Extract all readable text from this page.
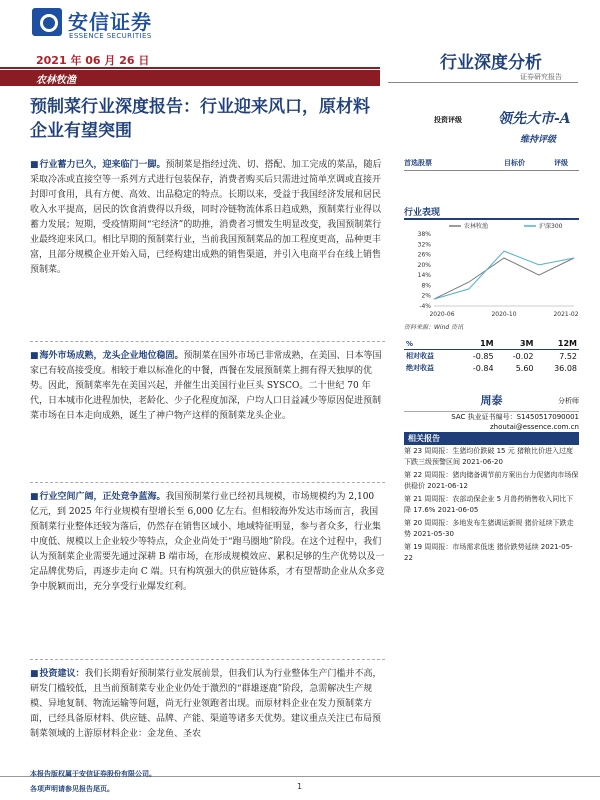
安信证券
ESSENCE SECURITIES
2021 年 06 月 26 日	行业深度分析
证券研究报告
农林牧渔
预制菜行业深度报告：行业迎来风口，原材料企业有望突围
投资评级	领先大市-A
维持评级
首选股票	目标价	评级

■ 行业蓄力已久，迎来临门一脚。预制菜是指经过洗、切、搭配、加工完成的菜品，随后采取冷冻或直接空等一系列方式进行包装保存，消费者购买后只需进过简单烹调或直接开封即可食用，具有方便、高效、出品稳定的特点。长期以来，受益于我国经济发展和居民收入水平提高，居民的饮食消费得以升级，同时冷链物流体系日趋成熟，预制菜行业得以蓄力发展；短期，受疫情期间“宅经济”的助推，消费者习惯发生明显改变，我国预制菜行业最终迎来风口。相比早期的预制菜行业，当前我国预制菜品的加工程度更高，品种更丰富，且部分规模企业开始入局，已经构建出成熟的销售渠道，并引入电商平台在线上销售预制菜。

■ 海外市场成熟，龙头企业地位稳固。预制菜在国外市场已非常成熟，在美国、日本等国家已有较高接受度。相较于难以标准化的中餐，西餐在发展预制菜上拥有得天独厚的优势。因此，预制菜率先在美国兴起，并催生出美国行业巨头 SYSCO。二十世纪 70 年代，日本城市化进程加快，老龄化、少子化程度加深，户均人口日益减少等原因促进预制菜市场在日本走向成熟，诞生了神户物产这样的预制菜龙头企业。

■ 行业空间广阔，正处竞争蓝海。我国预制菜行业已经初具规模，市场规模约为 2,100 亿元，到 2025 年行业规模有望增长至 6,000 亿左右。但相较海外发达市场而言，我国预制菜行业整体还较为落后，仍然存在销售区域小、地域特征明显，参与者众多，行业集中度低、规模以上企业较少等特点，众企业尚处于“跑马圈地”阶段。在这个过程中，我们认为预制菜企业需要先通过深耕 B 端市场，在形成规模效应、累积足够的生产优势以及一定品牌优势后，再逐步走向 C 端。只有构筑强大的供应链体系，才有望帮助企业从众多竞争中脱颖而出，充分享受行业爆发红利。

■ 投资建议：我们长期看好预制菜行业发展前景，但我们认为行业整体生产门槛并不高，研发门槛较低，且当前预制菜专业企业仍处于激烈的“群雄逐鹿”阶段，急需解决生产规模、异地复制、物流运输等问题，尚无行业领跑者出现。而原材料企业在发力预制菜方面，已经具备原材料、供应链、品牌、产能、渠道等诸多天优势。建议重点关注已布局预制菜领域的上游原材料企业：金龙鱼、圣农

行业表现
38%
32%
26%
20%
14%
8%
2%
-4%
2020-06	2020-10	2021-02
农林牧渔	沪深300
资料来源：Wind 资讯
%	1M	3M	12M
相对收益	-0.85	-0.02	7.52
绝对收益	-0.84	5.60	36.08
周泰	分析师
SAC 执业证书编号：S1450517090001
zhoutai@essence.com.cn
相关报告
第 23 周周报：生猪均价跌破 15 元 猪粮比价进入过度下跌三级预警区间 2021-06-20
第 22 周周报：猪肉储备调节前方案出台力促猪肉市场保供稳价 2021-06-12
第 21 周周报：农部动保企业 5 月兽药销售收入同比下降 17.6% 2021-06-05
第 20 周周报：多地发布生猪调运新规 猪价延续下跌走势 2021-05-30
第 19 周周报：市场需求低迷 猪价跌势延续 2021-05-22
本报告版权属于安信证券股份有限公司。
各项声明请参见报告尾页。	1
